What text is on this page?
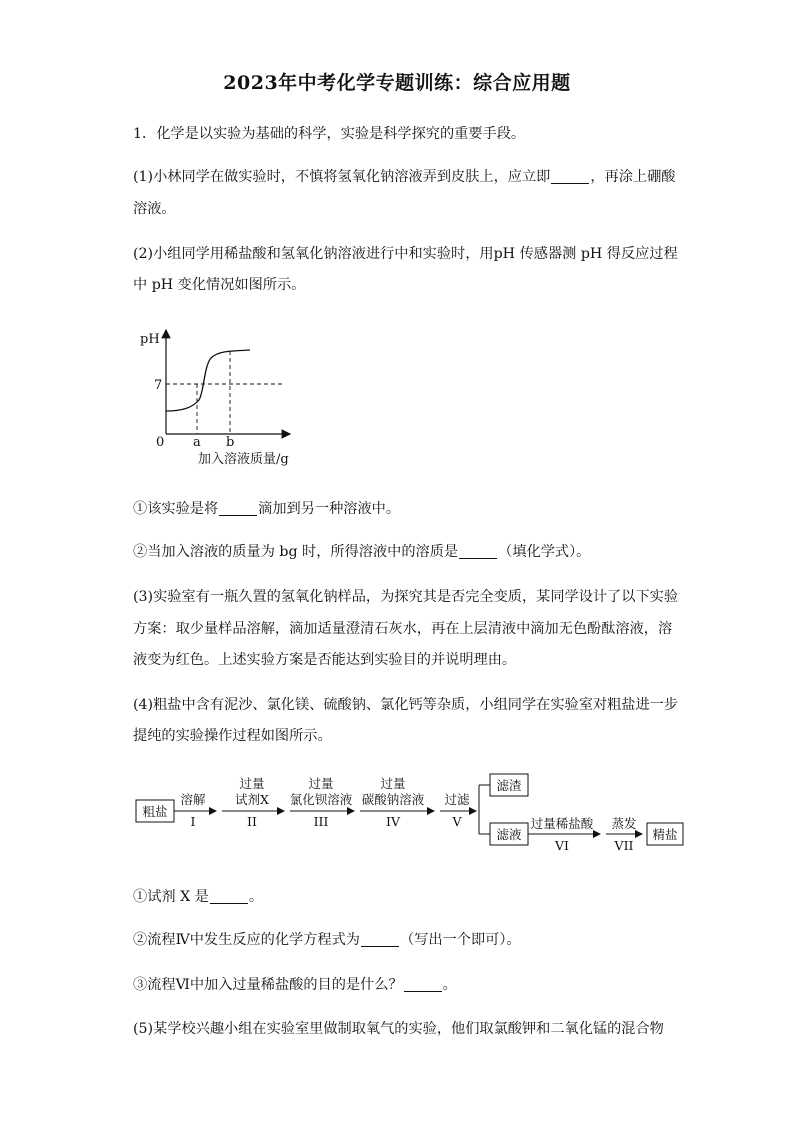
2023年中考化学专题训练：综合应用题
1．化学是以实验为基础的科学，实验是科学探究的重要手段。
(1)小林同学在做实验时，不慎将氢氧化钠溶液弄到皮肤上，应立即	，再涂上硼酸
溶液。
(2)小组同学用稀盐酸和氢氧化钠溶液进行中和实验时，用pH 传感器测 pH 得反应过程
中 pH 变化情况如图所示。
pH
7
0 a b
加入溶液质量/g
①该实验是将	滴加到另一种溶液中。
②当加入溶液的质量为 bg 时，所得溶液中的溶质是	（填化学式）。
(3)实验室有一瓶久置的氢氧化钠样品，为探究其是否完全变质，某同学设计了以下实验
方案：取少量样品溶解，滴加适量澄清石灰水，再在上层清液中滴加无色酚酞溶液，溶
液变为红色。上述实验方案是否能达到实验目的并说明理由。
(4)粗盐中含有泥沙、氯化镁、硫酸钠、氯化钙等杂质，小组同学在实验室对粗盐进一步
提纯的实验操作过程如图所示。
粗盐
溶解
I
过量
试剂X
II
过量
氯化钡溶液
III
过量
碳酸钠溶液
IV
过滤
V
滤渣
滤液
过量稀盐酸
VI
蒸发
VII
精盐
①试剂 X 是	。
②流程Ⅳ中发生反应的化学方程式为	（写出一个即可）。
③流程Ⅵ中加入过量稀盐酸的目的是什么？	。
(5)某学校兴趣小组在实验室里做制取氧气的实验，他们取氯酸钾和二氧化锰的混合物
